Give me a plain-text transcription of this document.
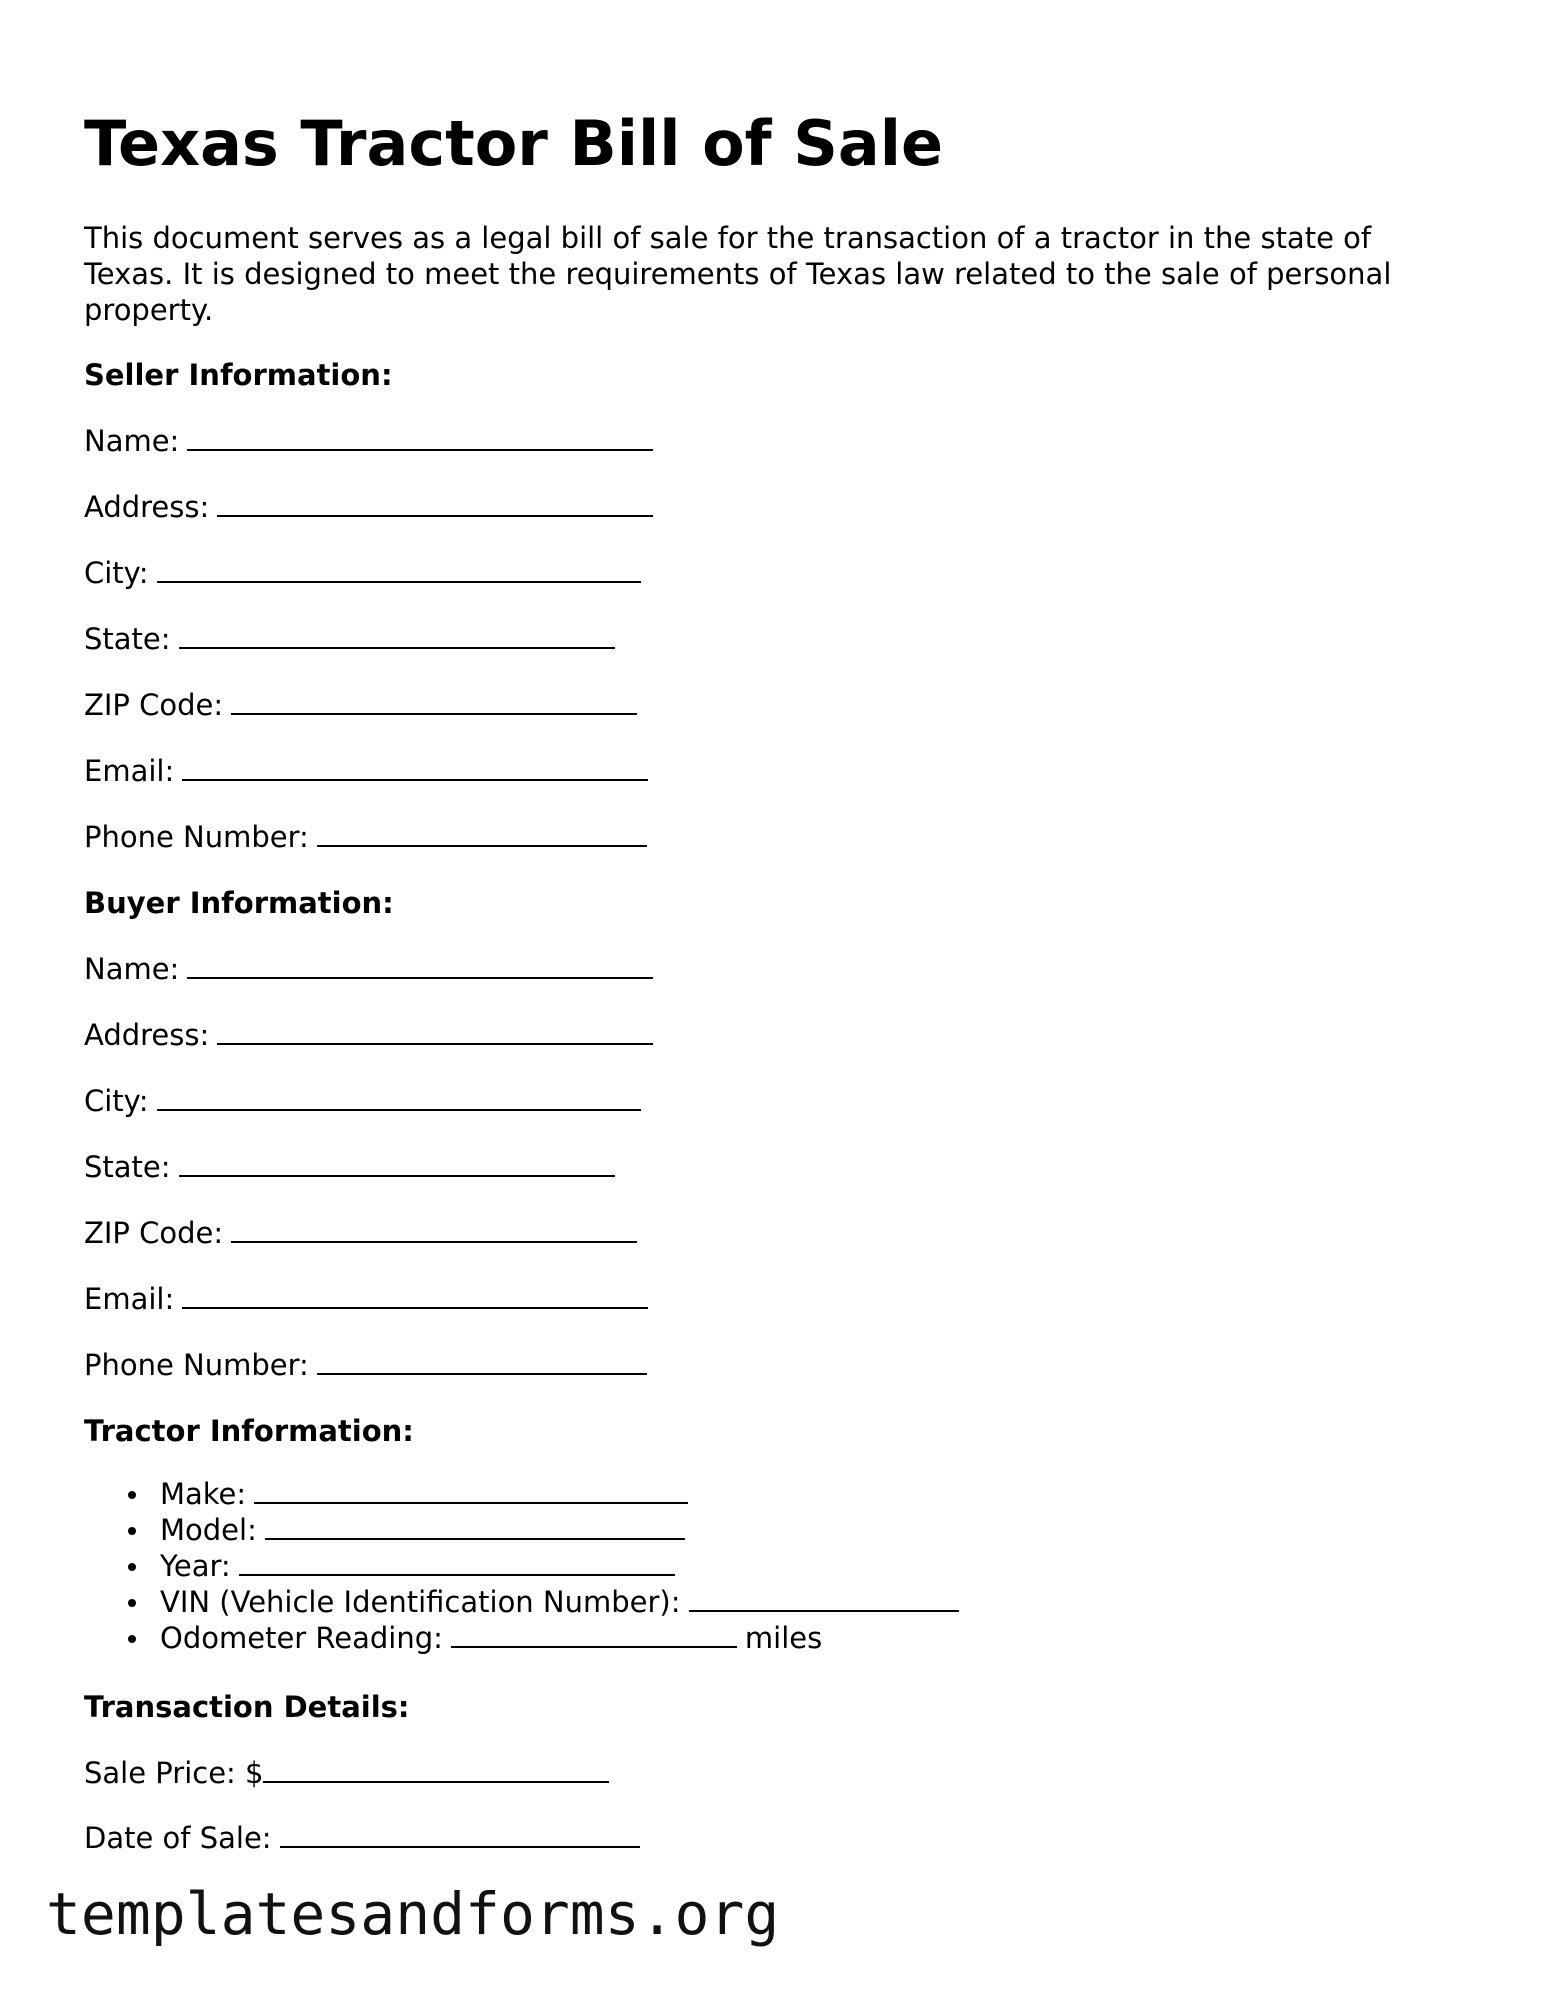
Texas Tractor Bill of Sale

This document serves as a legal bill of sale for the transaction of a tractor in the state of Texas. It is designed to meet the requirements of Texas law related to the sale of personal property.

Seller Information:

Name:

Address:

City:

State:

ZIP Code:

Email:

Phone Number:

Buyer Information:

Name:

Address:

City:

State:

ZIP Code:

Email:

Phone Number:

Tractor Information:
Make:
Model:
Year:
VIN (Vehicle Identification Number):
Odometer Reading:	miles
Transaction Details:

Sale Price: $

Date of Sale:

templatesandforms.org
